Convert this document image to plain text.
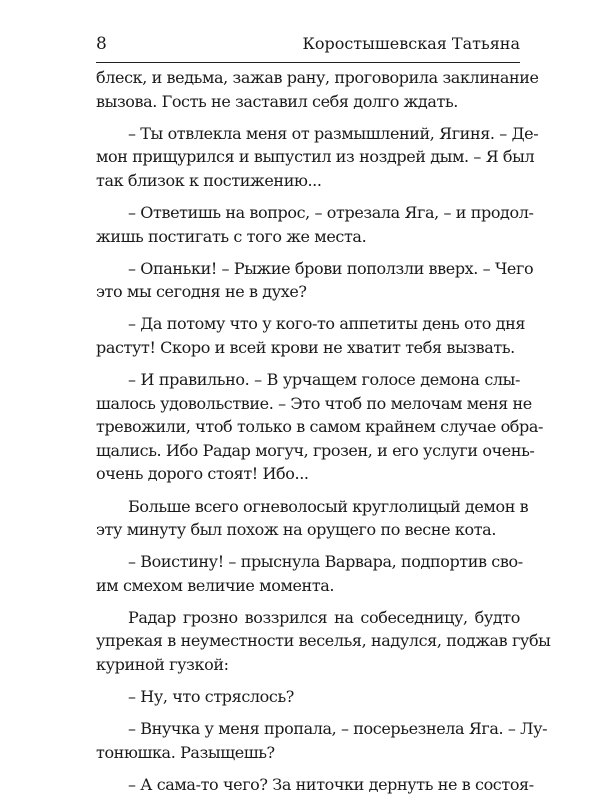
8	Коростышевская Татьяна
блеск, и ведьма, зажав рану, проговорила заклинание
вызова. Гость не заставил себя долго ждать.
– Ты отвлекла меня от размышлений, Ягиня. – Де-
мон прищурился и выпустил из ноздрей дым. – Я был
так близок к постижению...
– Ответишь на вопрос, – отрезала Яга, – и продол-
жишь постигать с того же места.
– Опаньки! – Рыжие брови поползли вверх. – Чего
это мы сегодня не в духе?
– Да потому что у кого-то аппетиты день ото дня
растут! Скоро и всей крови не хватит тебя вызвать.
– И правильно. – В урчащем голосе демона слы-
шалось удовольствие. – Это чтоб по мелочам меня не
тревожили, чтоб только в самом крайнем случае обра-
щались. Ибо Радар могуч, грозен, и его услуги очень-
очень дорого стоят! Ибо...
Больше всего огневолосый круглолицый демон в
эту минуту был похож на орущего по весне кота.
– Воистину! – прыснула Варвара, подпортив сво-
им смехом величие момента.
Радар грозно воззрился на собеседницу, будто
упрекая в неуместности веселья, надулся, поджав губы
куриной гузкой:
– Ну, что стряслось?
– Внучка у меня пропала, – посерьезнела Яга. – Лу-
тонюшка. Разыщешь?
– А сама-то чего? За ниточки дернуть не в состоя-
